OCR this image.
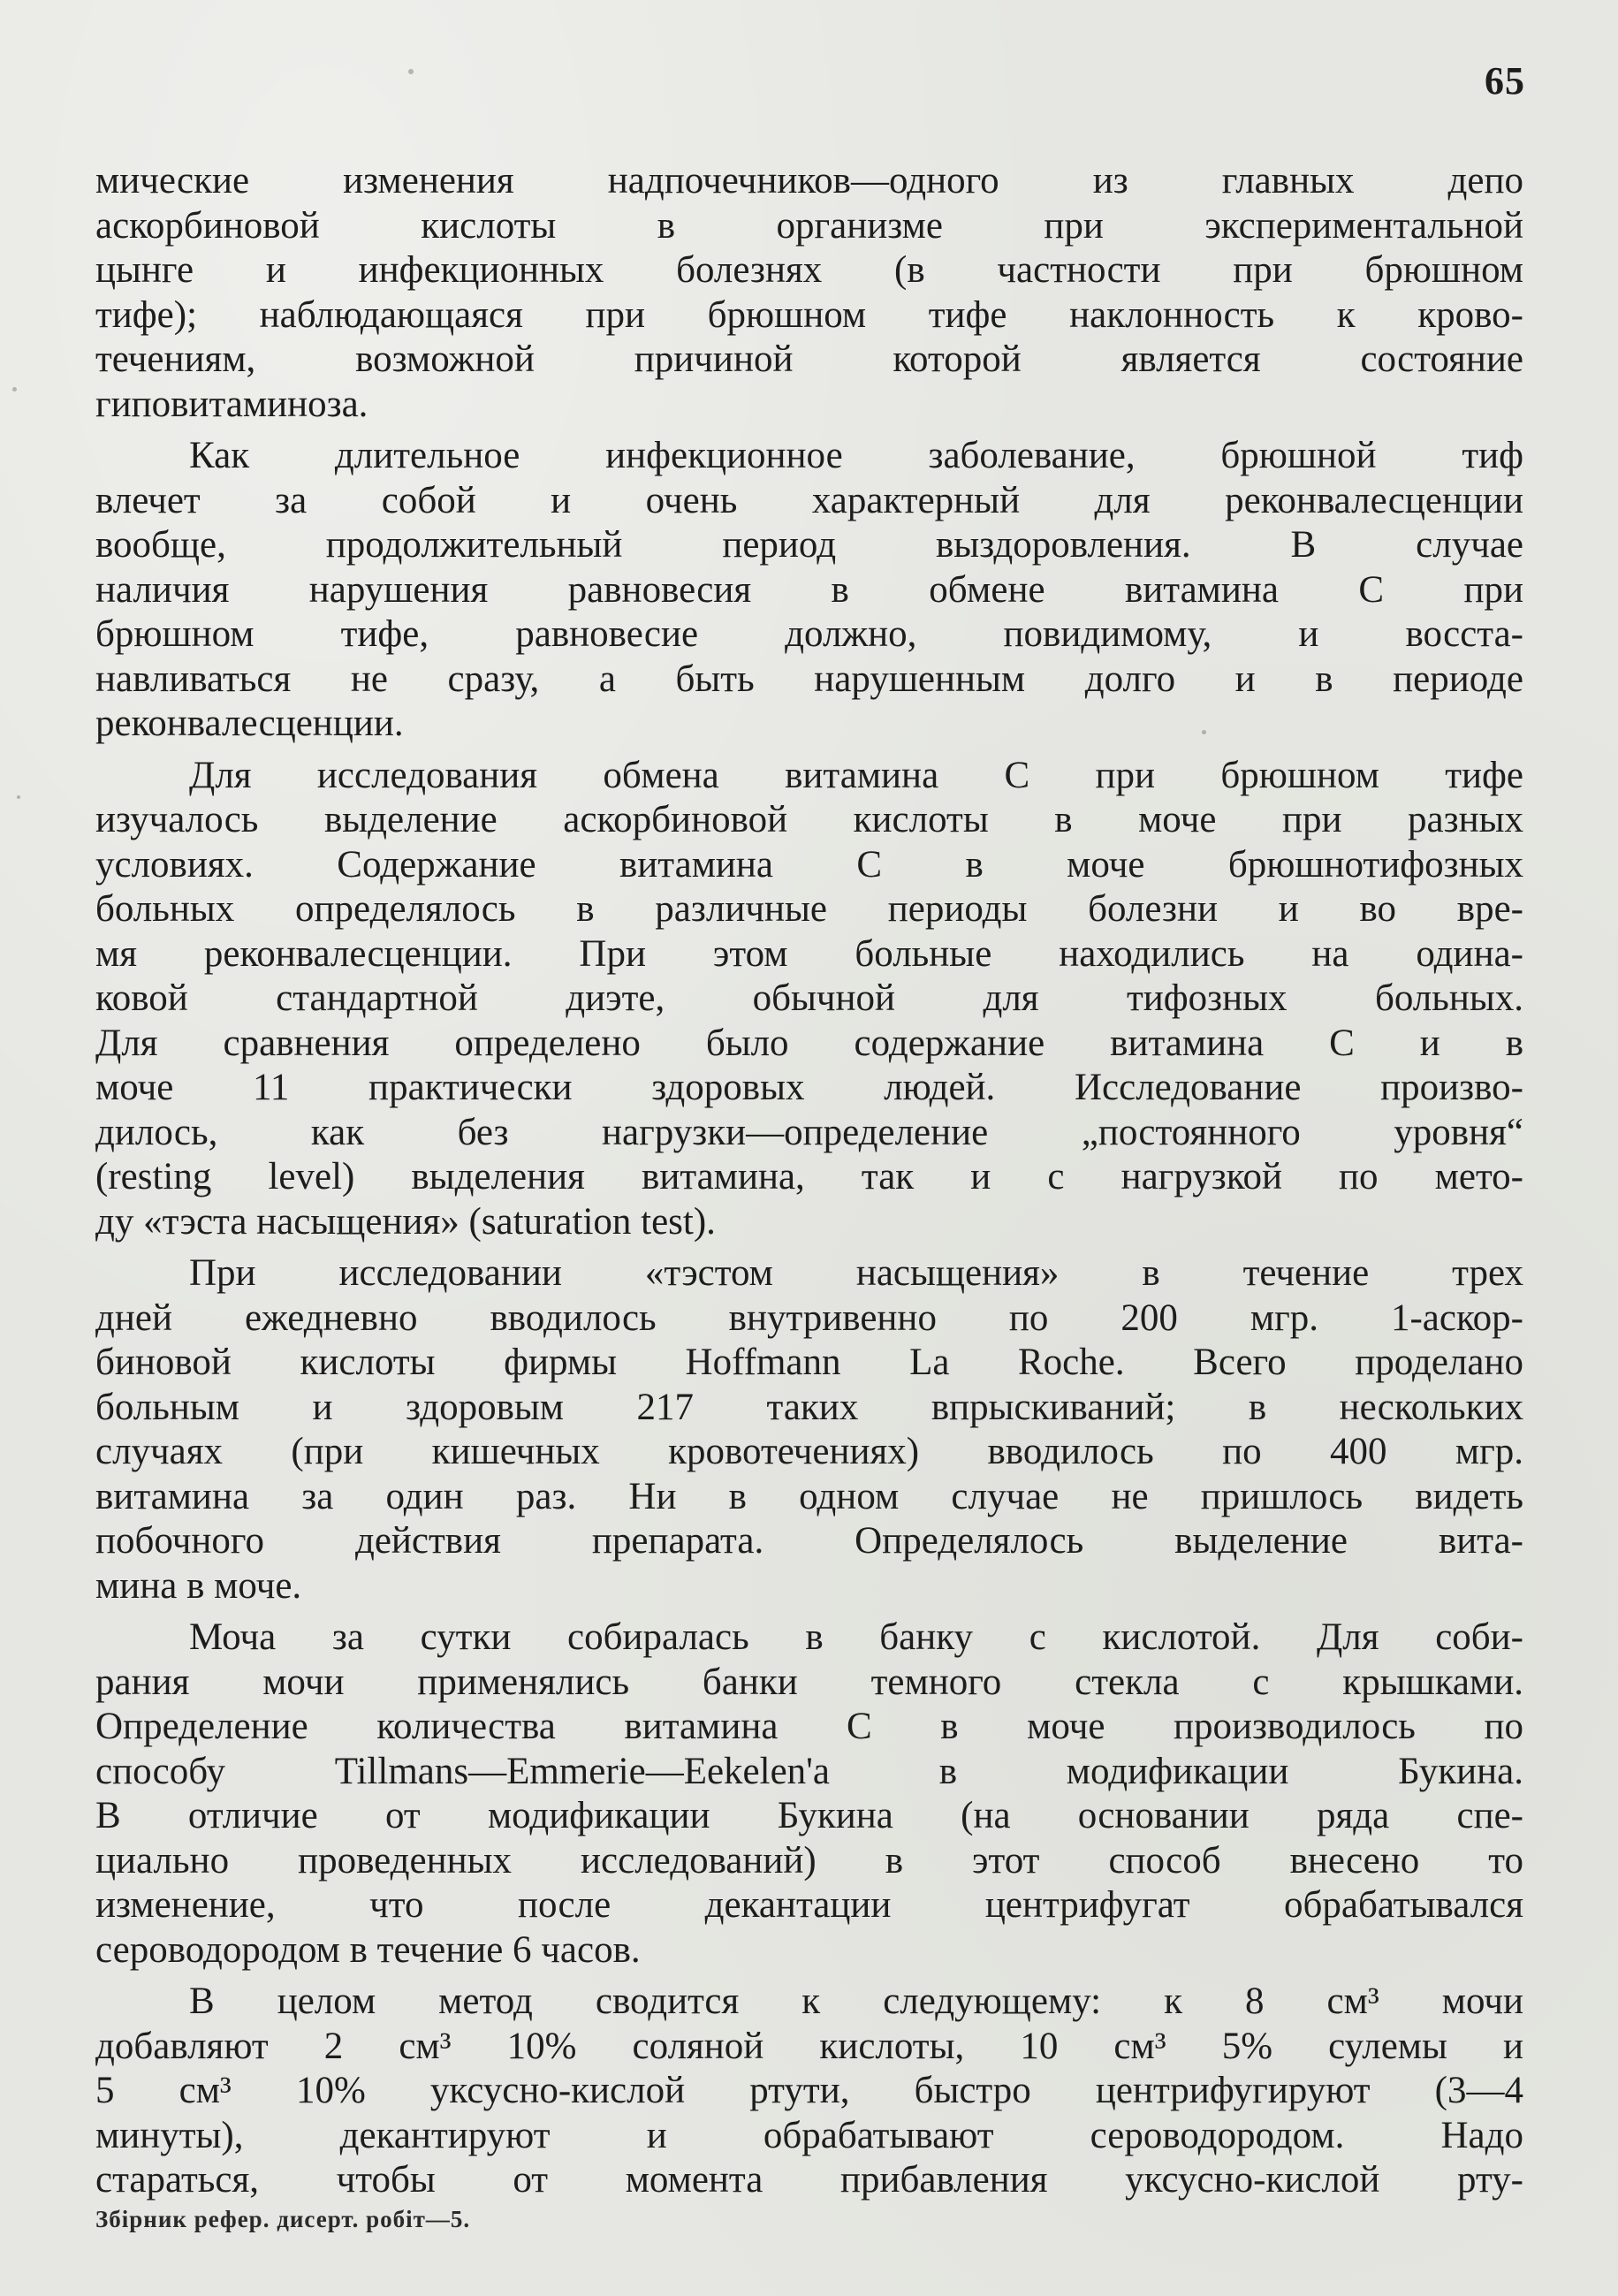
65
мические изменения надпочечников—одного из главных депо
аскорбиновой кислоты в организме при экспериментальной
цынге и инфекционных болезнях (в частности при брюшном
тифе); наблюдающаяся при брюшном тифе наклонность к крово-
течениям, возможной причиной которой является состояние
гиповитаминоза.
Как длительное инфекционное заболевание, брюшной тиф
влечет за собой и очень характерный для реконвалесценции
вообще, продолжительный период выздоровления. В случае
наличия нарушения равновесия в обмене витамина С при
брюшном тифе, равновесие должно, повидимому, и восста-
навливаться не сразу, а быть нарушенным долго и в периоде
реконвалесценции.
Для исследования обмена витамина С при брюшном тифе
изучалось выделение аскорбиновой кислоты в моче при разных
условиях. Содержание витамина С в моче брюшнотифозных
больных определялось в различные периоды болезни и во вре-
мя реконвалесценции. При этом больные находились на одина-
ковой стандартной диэте, обычной для тифозных больных.
Для сравнения определено было содержание витамина С и в
моче 11 практически здоровых людей. Исследование произво-
дилось, как без нагрузки—определение „постоянного уровня“
(resting level) выделения витамина, так и с нагрузкой по мето-
ду «тэста насыщения» (saturation test).
При исследовании «тэстом насыщения» в течение трех
дней ежедневно вводилось внутривенно по 200 мгр. 1-аскор-
биновой кислоты фирмы Hoffmann La Roche. Всего проделано
больным и здоровым 217 таких впрыскиваний; в нескольких
случаях (при кишечных кровотечениях) вводилось по 400 мгр.
витамина за один раз. Ни в одном случае не пришлось видеть
побочного действия препарата. Определялось выделение вита-
мина в моче.
Моча за сутки собиралась в банку с кислотой. Для соби-
рания мочи применялись банки темного стекла с крышками.
Определение количества витамина С в моче производилось по
способу Tillmans—Emmerie—Eekelen'a в модификации Букина.
В отличие от модификации Букина (на основании ряда спе-
циально проведенных исследований) в этот способ внесено то
изменение, что после декантации центрифугат обрабатывался
сероводородом в течение 6 часов.
В целом метод сводится к следующему: к 8 см³ мочи
добавляют 2 см³ 10% соляной кислоты, 10 см³ 5% сулемы и
5 см³ 10% уксусно-кислой ртути, быстро центрифугируют (3—4
минуты), декантируют и обрабатывают сероводородом. Надо
стараться, чтобы от момента прибавления уксусно-кислой рту-
Збірник рефер. дисерт. робіт—5.
